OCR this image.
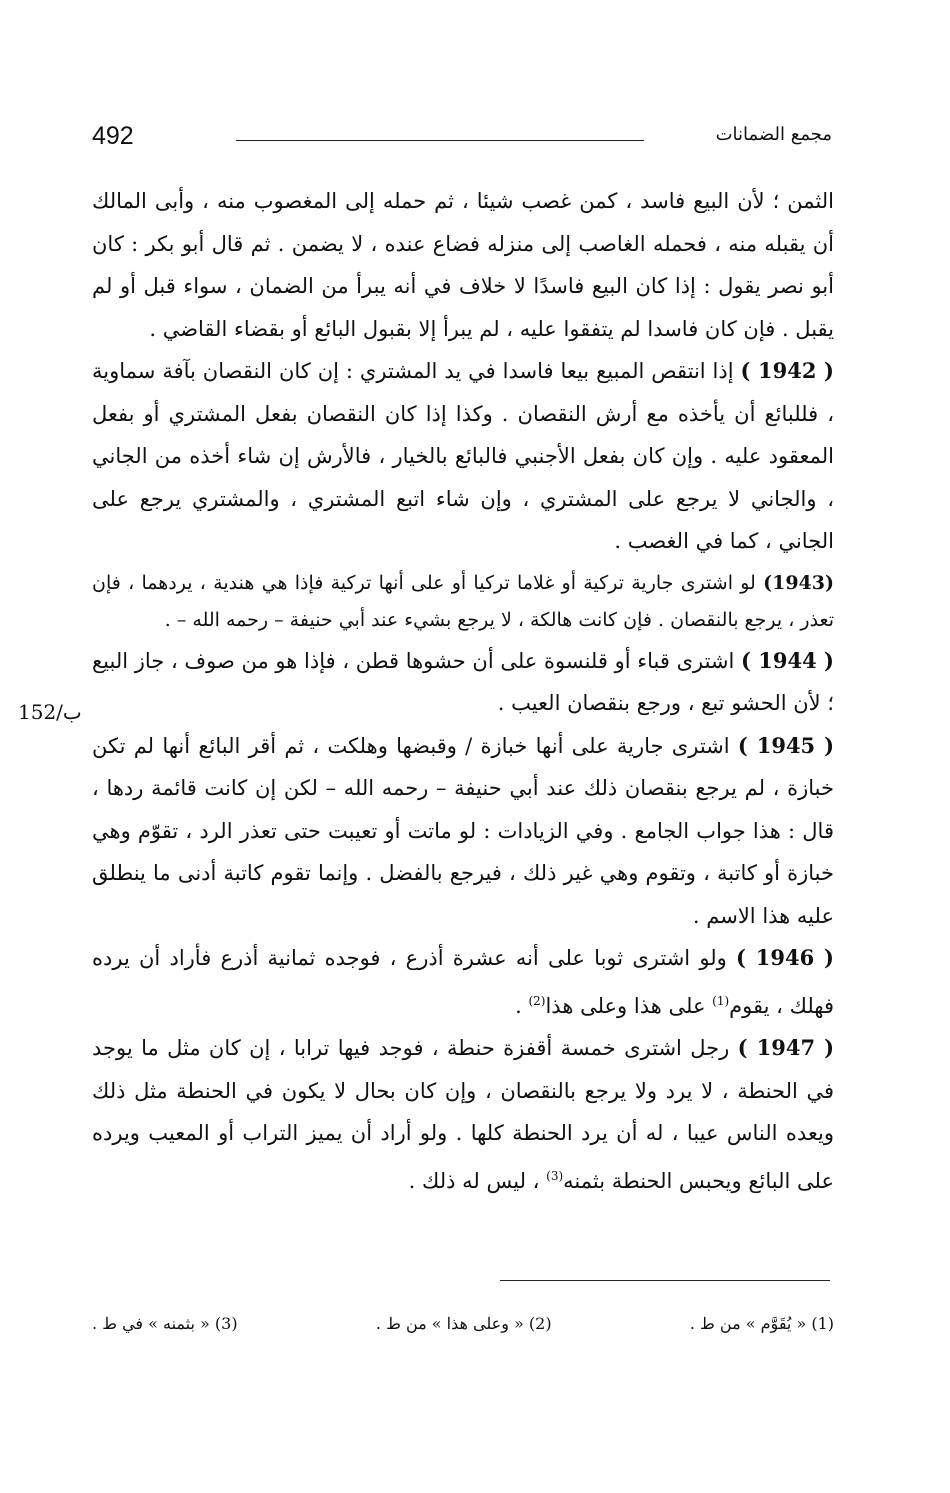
492	مجمع الضمانات
152/ب

الثمن ؛ لأن البيع فاسد ، كمن غصب شيئا ، ثم حمله إلى المغصوب منه ، وأبى المالك أن يقبله منه ، فحمله الغاصب إلى منزله فضاع عنده ، لا يضمن . ثم قال أبو بكر : كان أبو نصر يقول : إذا كان البيع فاسدًا لا خلاف في أنه يبرأ من الضمان ، سواء قبل أو لم يقبل . فإن كان فاسدا لم يتفقوا عليه ، لم يبرأ إلا بقبول البائع أو بقضاء القاضي .

( 1942 ) إذا انتقص المبيع بيعا فاسدا في يد المشتري : إن كان النقصان بآفة سماوية ، فللبائع أن يأخذه مع أرش النقصان . وكذا إذا كان النقصان بفعل المشتري أو بفعل المعقود عليه . وإن كان بفعل الأجنبي فالبائع بالخيار ، فالأرش إن شاء أخذه من الجاني ، والجاني لا يرجع على المشتري ، وإن شاء اتبع المشتري ، والمشتري يرجع على الجاني ، كما في الغصب .

(1943) لو اشترى جارية تركية أو غلاما تركيا أو على أنها تركية فإذا هي هندية ، يردهما ، فإن تعذر ، يرجع بالنقصان . فإن كانت هالكة ، لا يرجع بشيء عند أبي حنيفة – رحمه الله – .

( 1944 ) اشترى قباء أو قلنسوة على أن حشوها قطن ، فإذا هو من صوف ، جاز البيع ؛ لأن الحشو تبع ، ورجع بنقصان العيب .

( 1945 ) اشترى جارية على أنها خبازة / وقبضها وهلكت ، ثم أقر البائع أنها لم تكن خبازة ، لم يرجع بنقصان ذلك عند أبي حنيفة – رحمه الله – لكن إن كانت قائمة ردها ، قال : هذا جواب الجامع . وفي الزيادات : لو ماتت أو تعيبت حتى تعذر الرد ، تقوّم وهي خبازة أو كاتبة ، وتقوم وهي غير ذلك ، فيرجع بالفضل . وإنما تقوم كاتبة أدنى ما ينطلق عليه هذا الاسم .

( 1946 ) ولو اشترى ثوبا على أنه عشرة أذرع ، فوجده ثمانية أذرع فأراد أن يرده فهلك ، يقوم$^{(1)}$ على هذا وعلى هذا$^{(2)}$ .

( 1947 ) رجل اشترى خمسة أقفزة حنطة ، فوجد فيها ترابا ، إن كان مثل ما يوجد في الحنطة ، لا يرد ولا يرجع بالنقصان ، وإن كان بحال لا يكون في الحنطة مثل ذلك ويعده الناس عيبا ، له أن يرد الحنطة كلها . ولو أراد أن يميز التراب أو المعيب ويرده على البائع ويحبس الحنطة بثمنه$^{(3)}$ ، ليس له ذلك .

(1) « يُقَوَّم » من ط .
(2) « وعلى هذا » من ط .
(3) « بثمنه » في ط .
